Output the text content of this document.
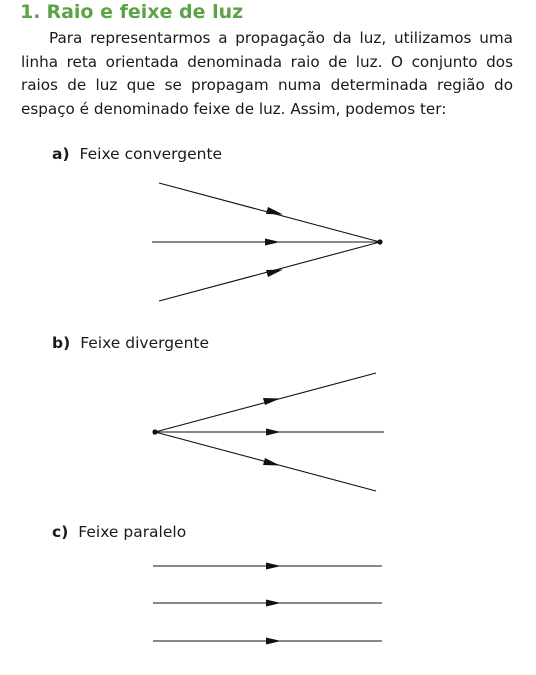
1. Raio e feixe de luz

Para representarmos a propagação da luz, utilizamos uma linha reta orientada denominada raio de luz. O conjunto dos raios de luz que se propagam numa determinada região do espaço é denominado feixe de luz. Assim, podemos ter:

a) Feixe convergente
b) Feixe divergente
c) Feixe paralelo
